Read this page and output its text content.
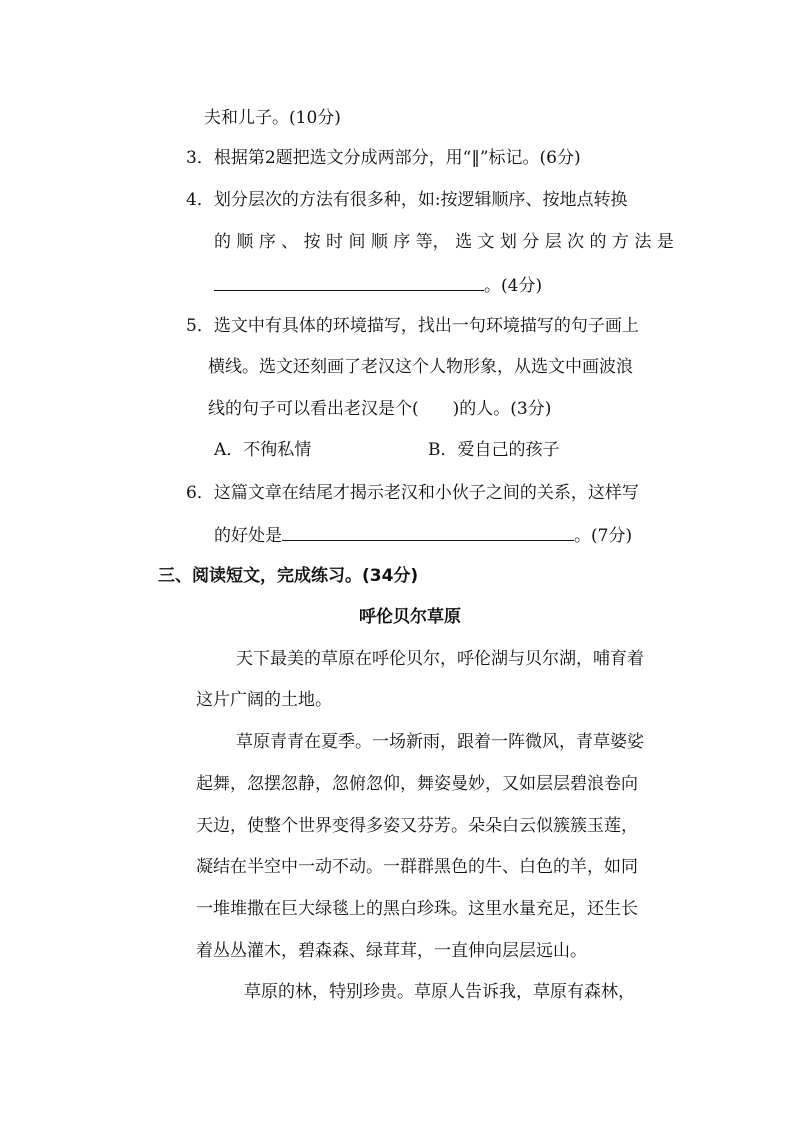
夫和儿子。(10分)
3．根据第2题把选文分成两部分，用“‖”标记。(6分)
4．划分层次的方法有很多种，如:按逻辑顺序、按地点转换
的 顺 序 、 按 时 间 顺 序 等， 选 文 划 分 层 次 的 方 法 是
。(4分)
5．选文中有具体的环境描写，找出一句环境描写的句子画上
横线。选文还刻画了老汉这个人物形象，从选文中画波浪
线的句子可以看出老汉是个(　　)的人。(3分)
A．不徇私情	B．爱自己的孩子
6．这篇文章在结尾才揭示老汉和小伙子之间的关系，这样写
的好处是	。(7分)
三、阅读短文，完成练习。(34分)
呼伦贝尔草原
天下最美的草原在呼伦贝尔，呼伦湖与贝尔湖，哺育着
这片广阔的土地。
草原青青在夏季。一场新雨，跟着一阵微风，青草婆娑
起舞，忽摆忽静，忽俯忽仰，舞姿曼妙，又如层层碧浪卷向
天边，使整个世界变得多姿又芬芳。朵朵白云似簇簇玉莲，
凝结在半空中一动不动。一群群黑色的牛、白色的羊，如同
一堆堆撒在巨大绿毯上的黑白珍珠。这里水量充足，还生长
着丛丛灌木，碧森森、绿茸茸，一直伸向层层远山。
草原的林，特别珍贵。草原人告诉我，草原有森林，
